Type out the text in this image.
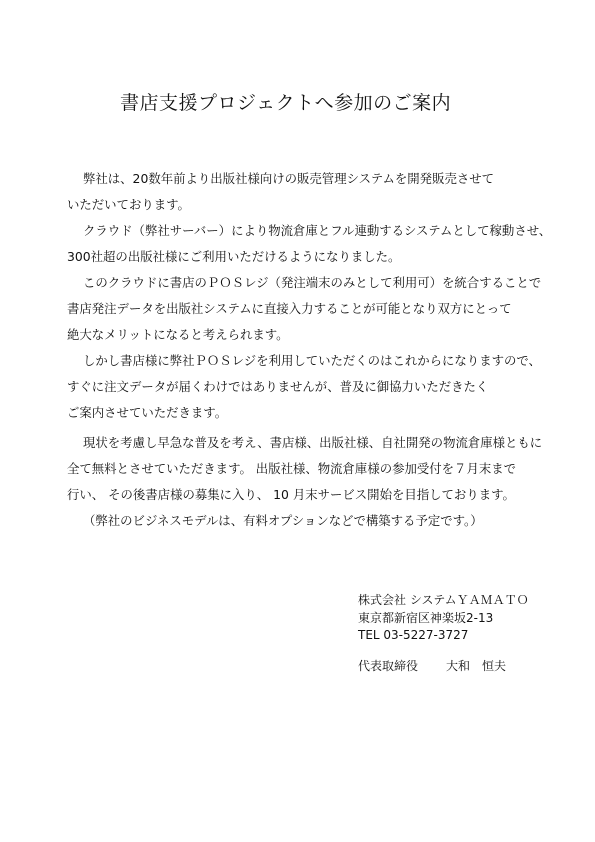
書店支援プロジェクトへ参加のご案内
弊社は、20数年前より出版社様向けの販売管理システムを開発販売させて
いただいております。
クラウド（弊社サーバー）により物流倉庫とフル連動するシステムとして稼動させ、
300社超の出版社様にご利用いただけるようになりました。
このクラウドに書店のＰＯＳレジ（発注端末のみとして利用可）を統合することで
書店発注データを出版社システムに直接入力することが可能となり双方にとって
絶大なメリットになると考えられます。
しかし書店様に弊社ＰＯＳレジを利用していただくのはこれからになりますので、
すぐに注文データが届くわけではありませんが、普及に御協力いただきたく
ご案内させていただきます。
現状を考慮し早急な普及を考え、書店様、出版社様、自社開発の物流倉庫様ともに
全て無料とさせていただきます。 出版社様、物流倉庫様の参加受付を７月末まで
行い、 その後書店様の募集に入り、 10 月末サービス開始を目指しております。
（弊社のビジネスモデルは、有料オプションなどで構築する予定です。）
株式会社 システムＹＡＭＡＴＯ
東京都新宿区神楽坂2-13
TEL 03-5227-3727
代表取締役 大和　恒夫
